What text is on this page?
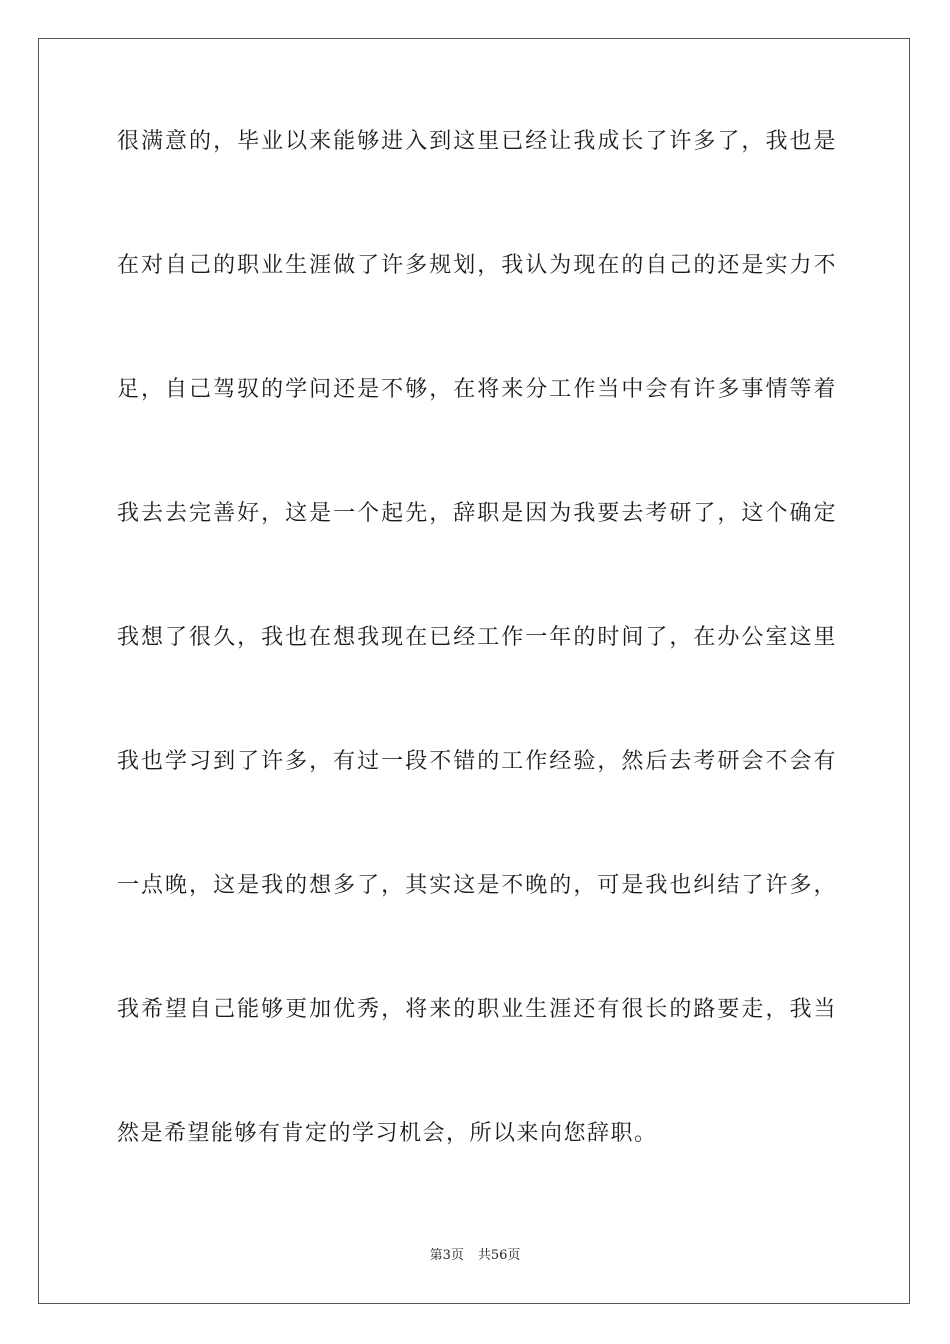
很满意的，毕业以来能够进入到这里已经让我成长了许多了，我也是
在对自己的职业生涯做了许多规划，我认为现在的自己的还是实力不
足，自己驾驭的学问还是不够，在将来分工作当中会有许多事情等着
我去去完善好，这是一个起先，辞职是因为我要去考研了，这个确定
我想了很久，我也在想我现在已经工作一年的时间了，在办公室这里
我也学习到了许多，有过一段不错的工作经验，然后去考研会不会有
一点晚，这是我的想多了，其实这是不晚的，可是我也纠结了许多，
我希望自己能够更加优秀，将来的职业生涯还有很长的路要走，我当
然是希望能够有肯定的学习机会，所以来向您辞职。
第3页 共56页
